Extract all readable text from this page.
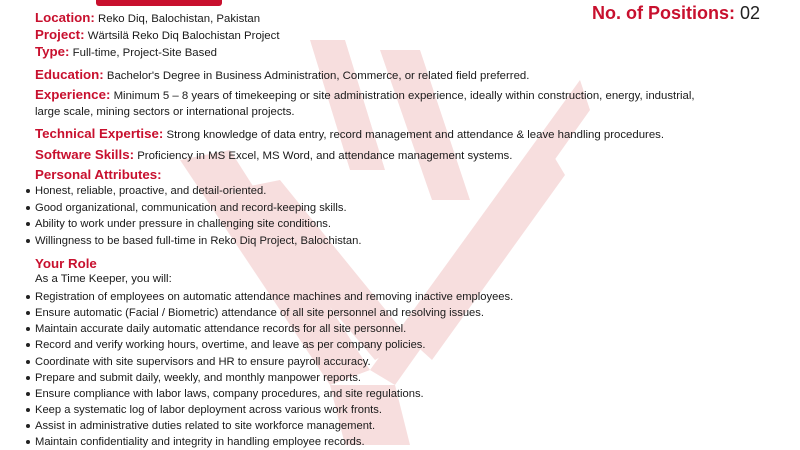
No. of Positions: 02
Location: Reko Diq, Balochistan, Pakistan
Project: Wärtsilä Reko Diq Balochistan Project
Type: Full-time, Project-Site Based
Education: Bachelor's Degree in Business Administration, Commerce, or related field preferred.
Experience: Minimum 5 – 8 years of timekeeping or site administration experience, ideally within construction, energy, industrial,
large scale, mining sectors or international projects.
Technical Expertise: Strong knowledge of data entry, record management and attendance & leave handling procedures.
Software Skills: Proficiency in MS Excel, MS Word, and attendance management systems.
Personal Attributes:
Honest, reliable, proactive, and detail-oriented.
Good organizational, communication and record-keeping skills.
Ability to work under pressure in challenging site conditions.
Willingness to be based full-time in Reko Diq Project, Balochistan.
Your Role
As a Time Keeper, you will:
Registration of employees on automatic attendance machines and removing inactive employees.
Ensure automatic (Facial / Biometric) attendance of all site personnel and resolving issues.
Maintain accurate daily automatic attendance records for all site personnel.
Record and verify working hours, overtime, and leave as per company policies.
Coordinate with site supervisors and HR to ensure payroll accuracy.
Prepare and submit daily, weekly, and monthly manpower reports.
Ensure compliance with labor laws, company procedures, and site regulations.
Keep a systematic log of labor deployment across various work fronts.
Assist in administrative duties related to site workforce management.
Maintain confidentiality and integrity in handling employee records.
